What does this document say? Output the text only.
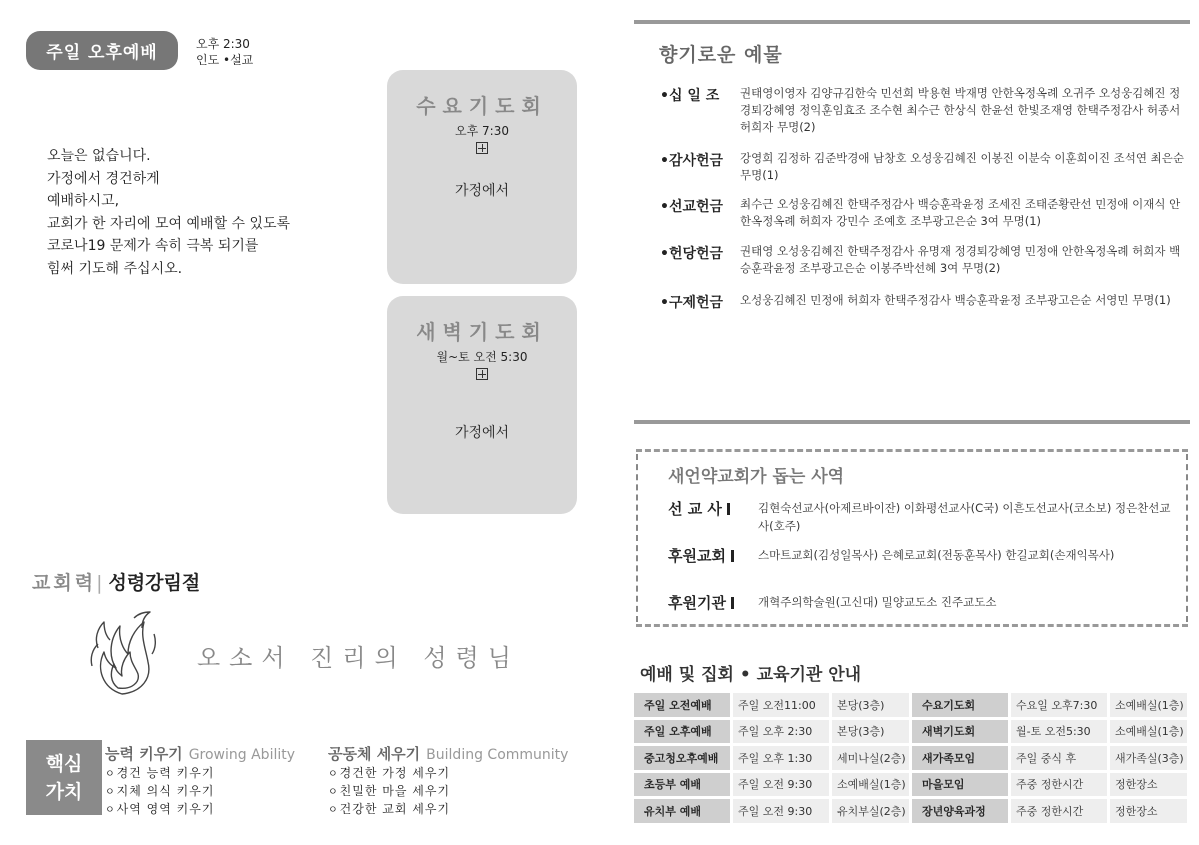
주일 오후예배	오후 2:30
인도 •설교
오늘은 없습니다.
가정에서 경건하게
예배하시고,
교회가 한 자리에 모여 예배할 수 있도록
코로나19 문제가 속히 극복 되기를
힘써 기도해 주십시오.
수요기도회
오후 7:30
가정에서
새벽기도회
월~토 오전 5:30
가정에서
교회력| 성령강림절
오소서 진리의 성령님
핵심
가치
능력 키우기 Growing Ability
ㅇ 경건 능력 키우기
ㅇ 지체 의식 키우기
ㅇ 사역 영역 키우기
공동체 세우기 Building Community
ㅇ 경건한 가정 세우기
ㅇ 친밀한 마을 세우기
ㅇ 건강한 교회 세우기
향기로운 예물
•십 일 조	권태영이영자 김양규김한숙 민선희 박용현 박재명 안한옥정옥례 오귀주 오성웅김혜진 정경퇴강혜영 정익훈임효조 조수현 최수근 한상식 한윤선 한빛조재영 한택주정감사 허종서 허희자 무명(2)
•감사헌금	강영희 김정하 김준박경애 남창호 오성웅김혜진 이봉진 이분숙 이훈희이진 조석연 최은순 무명(1)
•선교헌금	최수근 오성웅김혜진 한택주정감사 백승훈곽윤정 조세진 조태준황란선 민정애 이재식 안한옥정옥례 허희자 강민수 조예호 조부광고은순 3여 무명(1)
•헌당헌금	권태영 오성웅김혜진 한택주정감사 유명재 정경퇴강혜영 민정애 안한옥정옥례 허희자 백승훈곽윤정 조부광고은순 이봉주박선혜 3여 무명(2)
•구제헌금	오성웅김혜진 민정애 허희자 한택주정감사 백승훈곽윤정 조부광고은순 서영민 무명(1)
새언약교회가 돕는 사역
선 교 사	김현숙선교사(아제르바이잔) 이화평선교사(C국) 이흔도선교사(코소보) 정은찬선교사(호주)
후원교회	스마트교회(김성일목사) 은혜로교회(전동훈목사) 한길교회(손재익목사)
후원기관	개혁주의학술원(고신대) 밀양교도소 진주교도소
예배 및 집회 • 교육기관 안내
주일 오전예배	주일 오전11:00	본당(3층)	수요기도회	수요일 오후7:30	소예배실(1층)
주일 오후예배	주일 오후 2:30	본당(3층)	새벽기도회	월-토 오전5:30	소예배실(1층)
중고청오후예배	주일 오후 1:30	세미나실(2층)	새가족모임	주일 중식 후	새가족실(3층)
초등부 예배	주일 오전 9:30	소예배실(1층)	마을모임	주중 정한시간	정한장소
유치부 예배	주일 오전 9:30	유치부실(2층)	장년양육과정	주중 정한시간	정한장소
